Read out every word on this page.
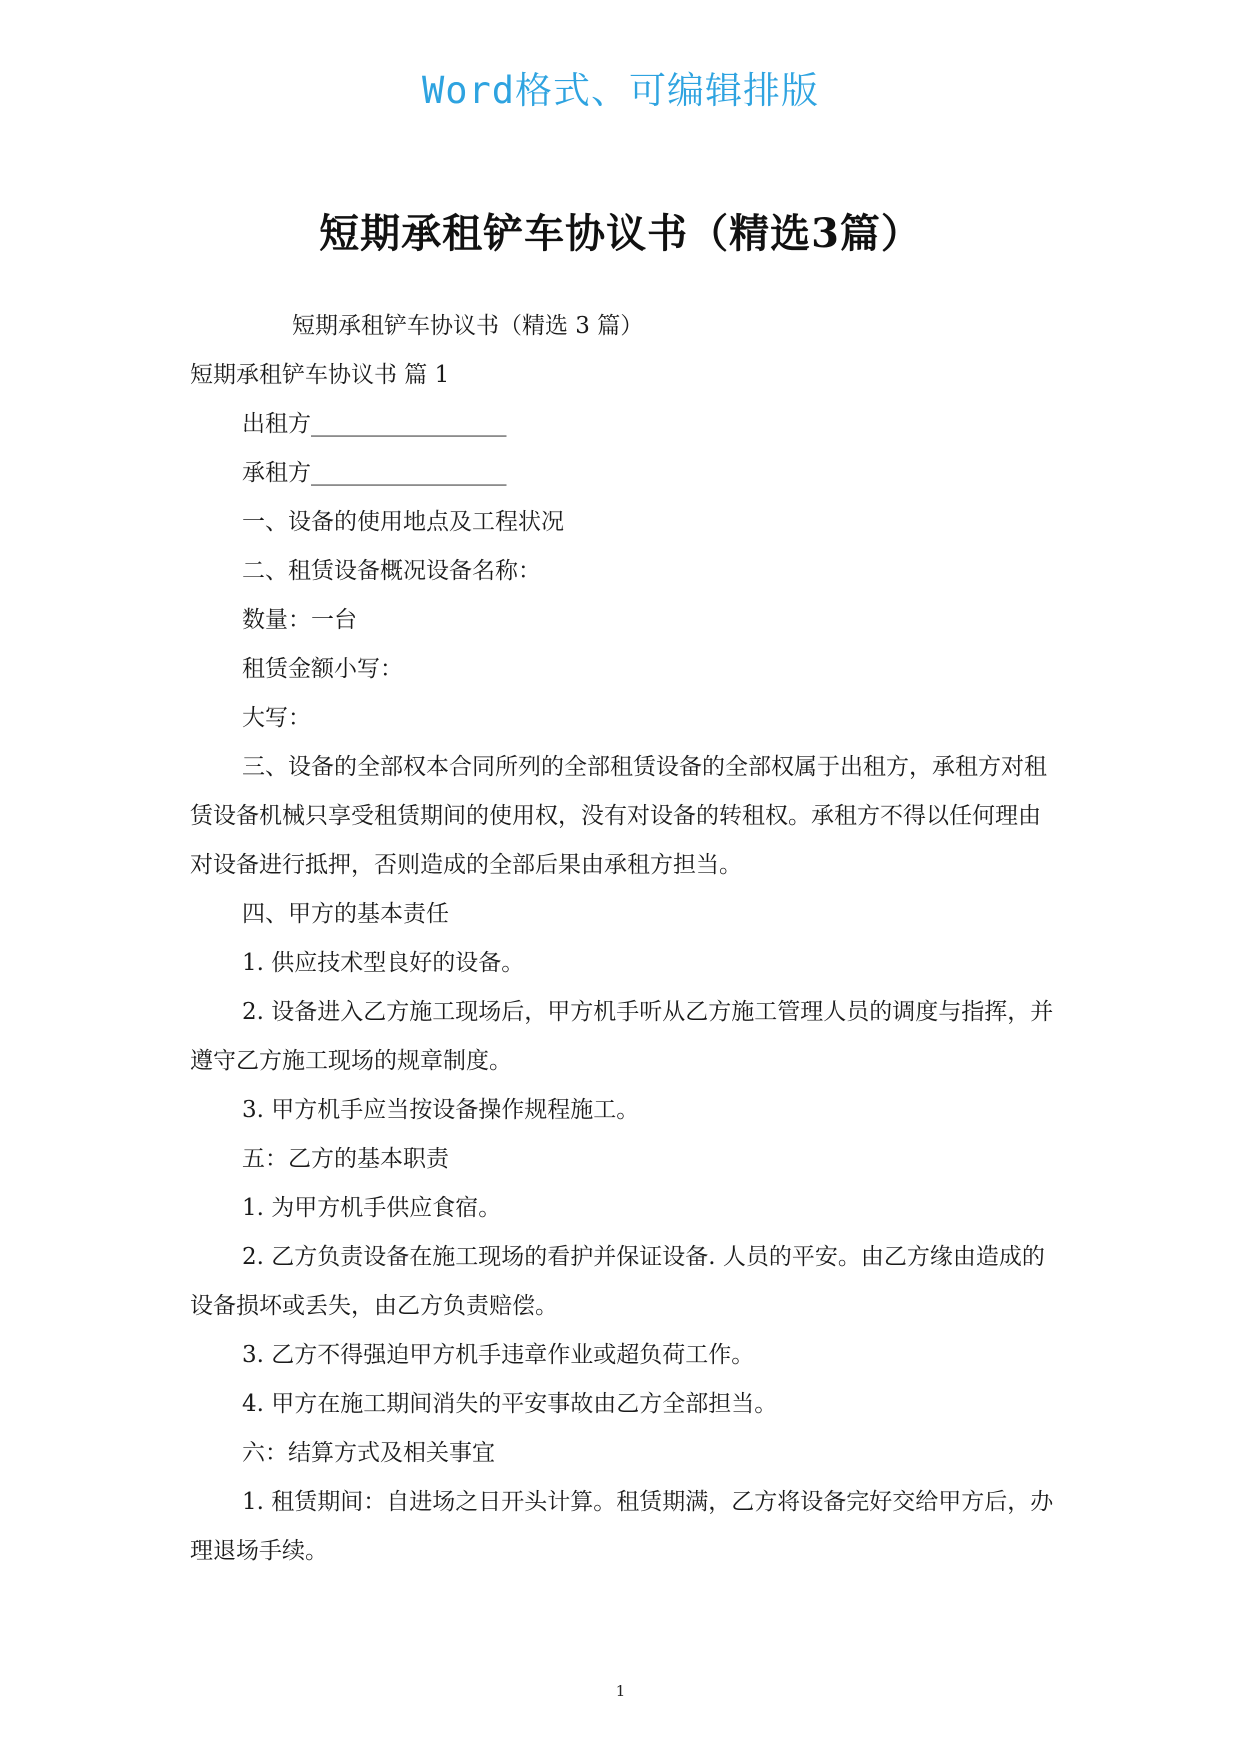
Word格式、可编辑排版
短期承租铲车协议书（精选3篇）

短期承租铲车协议书（精选 3 篇）

短期承租铲车协议书 篇 1

出租方_________________

承租方_________________

一、设备的使用地点及工程状况

二、租赁设备概况设备名称：

数量：一台

租赁金额小写：

大写：

三、设备的全部权本合同所列的全部租赁设备的全部权属于出租方，承租方对租赁设备机械只享受租赁期间的使用权，没有对设备的转租权。承租方不得以任何理由对设备进行抵押，否则造成的全部后果由承租方担当。

四、甲方的基本责任

1. 供应技术型良好的设备。

2. 设备进入乙方施工现场后，甲方机手听从乙方施工管理人员的调度与指挥，并遵守乙方施工现场的规章制度。

3. 甲方机手应当按设备操作规程施工。

五：乙方的基本职责

1. 为甲方机手供应食宿。

2. 乙方负责设备在施工现场的看护并保证设备. 人员的平安。由乙方缘由造成的设备损坏或丢失，由乙方负责赔偿。

3. 乙方不得强迫甲方机手违章作业或超负荷工作。

4. 甲方在施工期间消失的平安事故由乙方全部担当。

六：结算方式及相关事宜

1. 租赁期间：自进场之日开头计算。租赁期满，乙方将设备完好交给甲方后，办理退场手续。

1
